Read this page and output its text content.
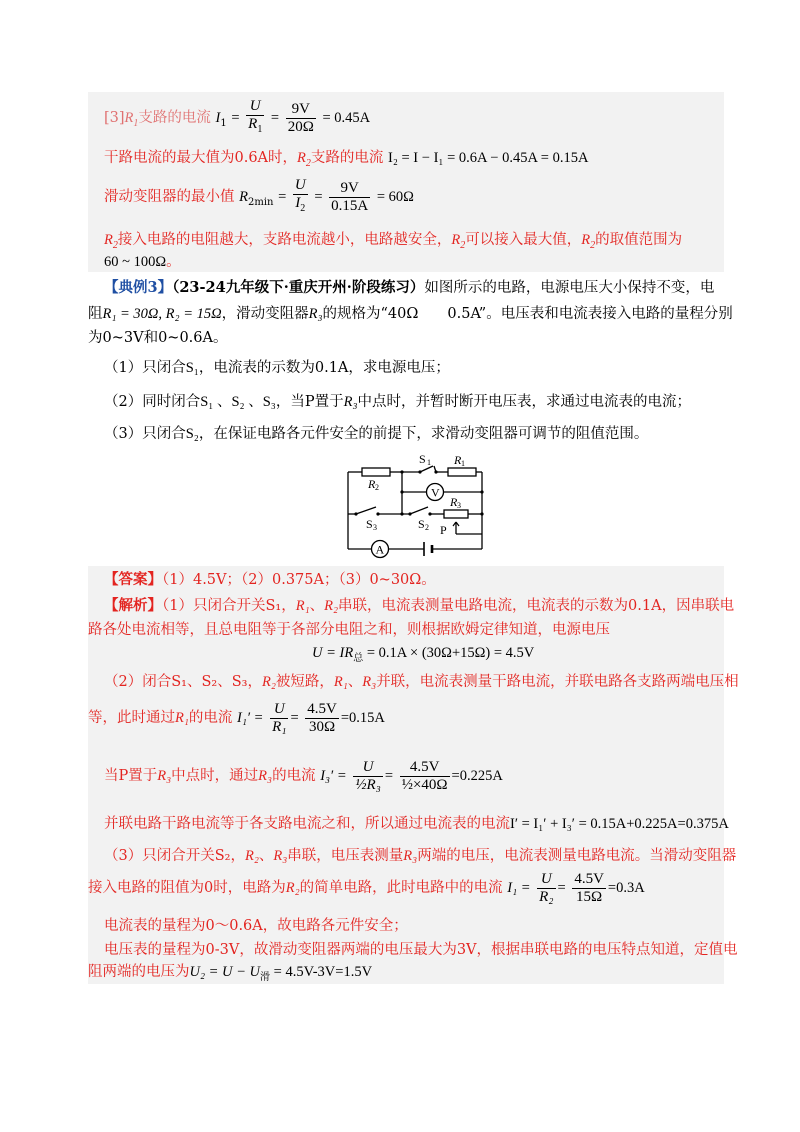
$[3]R_1$支路的电流 $I_1 = \frac{U}{R_1} = \frac{9V}{20\Omega} = 0.45A$
干路电流的最大值为0.6A时，$R_2$支路的电流 I₂ = I − I₁ = 0.6A − 0.45A = 0.15A
滑动变阻器的最小值 $R_{2min} = \frac{U}{I_2} = \frac{9V}{0.15A} = 60\Omega$
$R_2$接入电路的电阻越大，支路电流越小，电路越安全，$R_2$可以接入最大值，$R_2$的取值范围为
60 ~ 100Ω。
【典例3】（23-24九年级下·重庆开州·阶段练习）如图所示的电路，电源电压大小保持不变，电
阻R₁ = 30Ω, R₂ = 15Ω，滑动变阻器R₃的规格为“40Ω　　0.5A”。电压表和电流表接入电路的量程分别
为0~3V和0~0.6A。
（1）只闭合S₁，电流表的示数为0.1A，求电源电压；
（2）同时闭合S₁ 、S₂ 、S₃，当P置于R₃中点时，并暂时断开电压表，求通过电流表的电流；
（3）只闭合S₂，在保证电路各元件安全的前提下，求滑动变阻器可调节的阻值范围。
V
A
S 1 R 1
R 2
R 3
S 3	S 2 P
【答案】（1）4.5V；（2）0.375A；（3）0~30Ω。
【解析】（1）只闭合开关S₁，R₁、R₂串联，电流表测量电路电流，电流表的示数为0.1A，因串联电
路各处电流相等，且总电阻等于各部分电阻之和，则根据欧姆定律知道，电源电压
$U = IR_总 = 0.1A \times (30\Omega+15\Omega) = 4.5V$
（2）闭合S₁、S₂、S₃，R₂被短路，R₁、R₃并联，电流表测量干路电流，并联电路各支路两端电压相
等，此时通过R₁的电流 $I_1' = \frac{U}{\text{R₁}} = \frac{4.5V}{30\Omega} =0.15A$
当P置于R₃中点时，通过R₃的电流 $I_3' = \frac{U}{\text{½R₃}} = \frac{4.5V}{\text{½×40Ω}} =0.225A$
并联电路干路电流等于各支路电流之和，所以通过电流表的电流I′ = I₁′ + I₃′ = 0.15A+0.225A=0.375A
（3）只闭合开关S₂，R₂、R₃串联，电压表测量R₃两端的电压，电流表测量电路电流。当滑动变阻器
接入电路的阻值为0时，电路为R₂的简单电路，此时电路中的电流 $I_1 = \frac{U}{\text{R₂}} = \frac{4.5V}{15\Omega} =0.3A$
电流表的量程为0～0.6A，故电路各元件安全；
电压表的量程为0-3V，故滑动变阻器两端的电压最大为3V，根据串联电路的电压特点知道，定值电
阻两端的电压为$U_2 = U - U_滑 = 4.5V-3V=1.5V$
